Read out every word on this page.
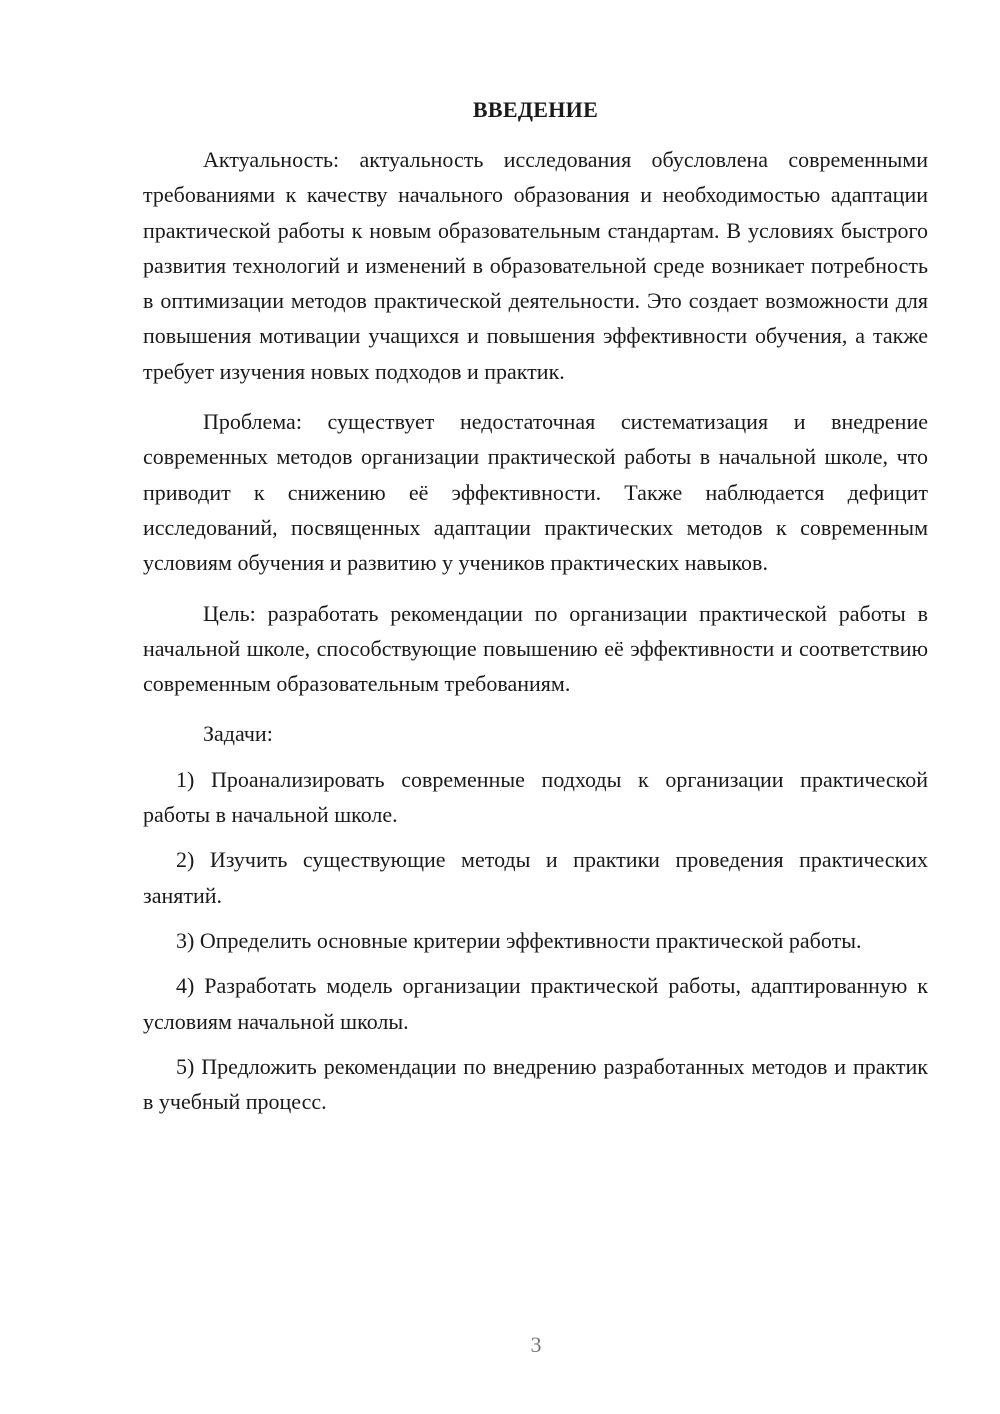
ВВЕДЕНИЕ

Актуальность: актуальность исследования обусловлена современными требованиями к качеству начального образования и необходимостью адаптации практической работы к новым образовательным стандартам. В условиях быстрого развития технологий и изменений в образовательной среде возникает потребность в оптимизации методов практической деятельности. Это создает возможности для повышения мотивации учащихся и повышения эффективности обучения, а также требует изучения новых подходов и практик.

Проблема: существует недостаточная систематизация и внедрение современных методов организации практической работы в начальной школе, что приводит к снижению её эффективности. Также наблюдается дефицит исследований, посвященных адаптации практических методов к современным условиям обучения и развитию у учеников практических навыков.

Цель: разработать рекомендации по организации практической работы в начальной школе, способствующие повышению её эффективности и соответствию современным образовательным требованиям.

Задачи:

1) Проанализировать современные подходы к организации практической работы в начальной школе.

2) Изучить существующие методы и практики проведения практических занятий.

3) Определить основные критерии эффективности практической работы.

4) Разработать модель организации практической работы, адаптированную к условиям начальной школы.

5) Предложить рекомендации по внедрению разработанных методов и практик в учебный процесс.

3
